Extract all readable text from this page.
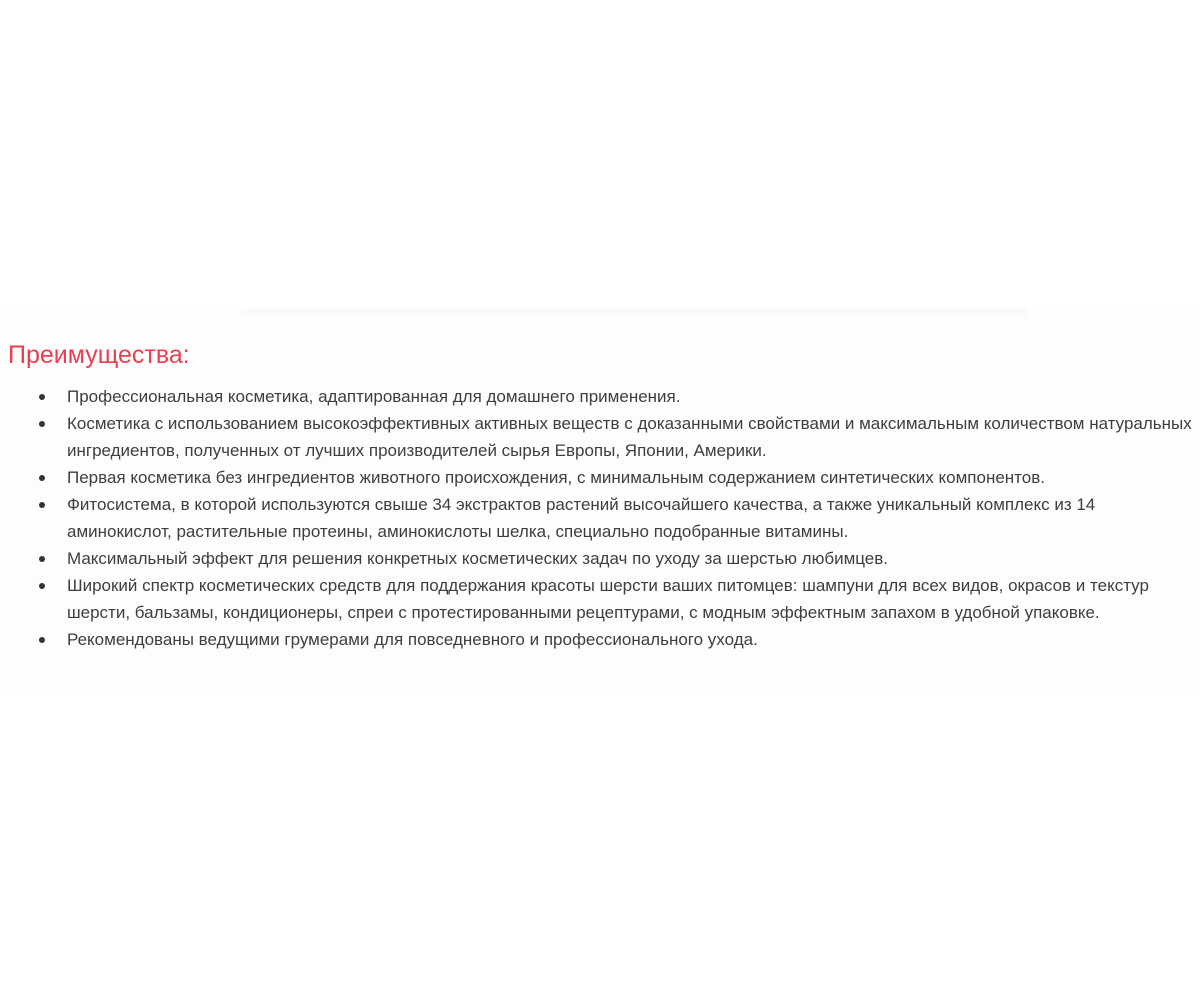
Преимущества:
Профессиональная косметика, адаптированная для домашнего применения.
Косметика с использованием высокоэффективных активных веществ с доказанными свойствами и максимальным количеством натуральных ингредиентов, полученных от лучших производителей сырья Европы, Японии, Америки.
Первая косметика без ингредиентов животного происхождения, с минимальным содержанием синтетических компонентов.
Фитосистема, в которой используются свыше 34 экстрактов растений высочайшего качества, а также уникальный комплекс из 14 аминокислот, растительные протеины, аминокислоты шелка, специально подобранные витамины.
Максимальный эффект для решения конкретных косметических задач по уходу за шерстью любимцев.
Широкий спектр косметических средств для поддержания красоты шерсти ваших питомцев: шампуни для всех видов, окрасов и текстур шерсти, бальзамы, кондиционеры, спреи с протестированными рецептурами, с модным эффектным запахом в удобной упаковке.
Рекомендованы ведущими грумерами для повседневного и профессионального ухода.
